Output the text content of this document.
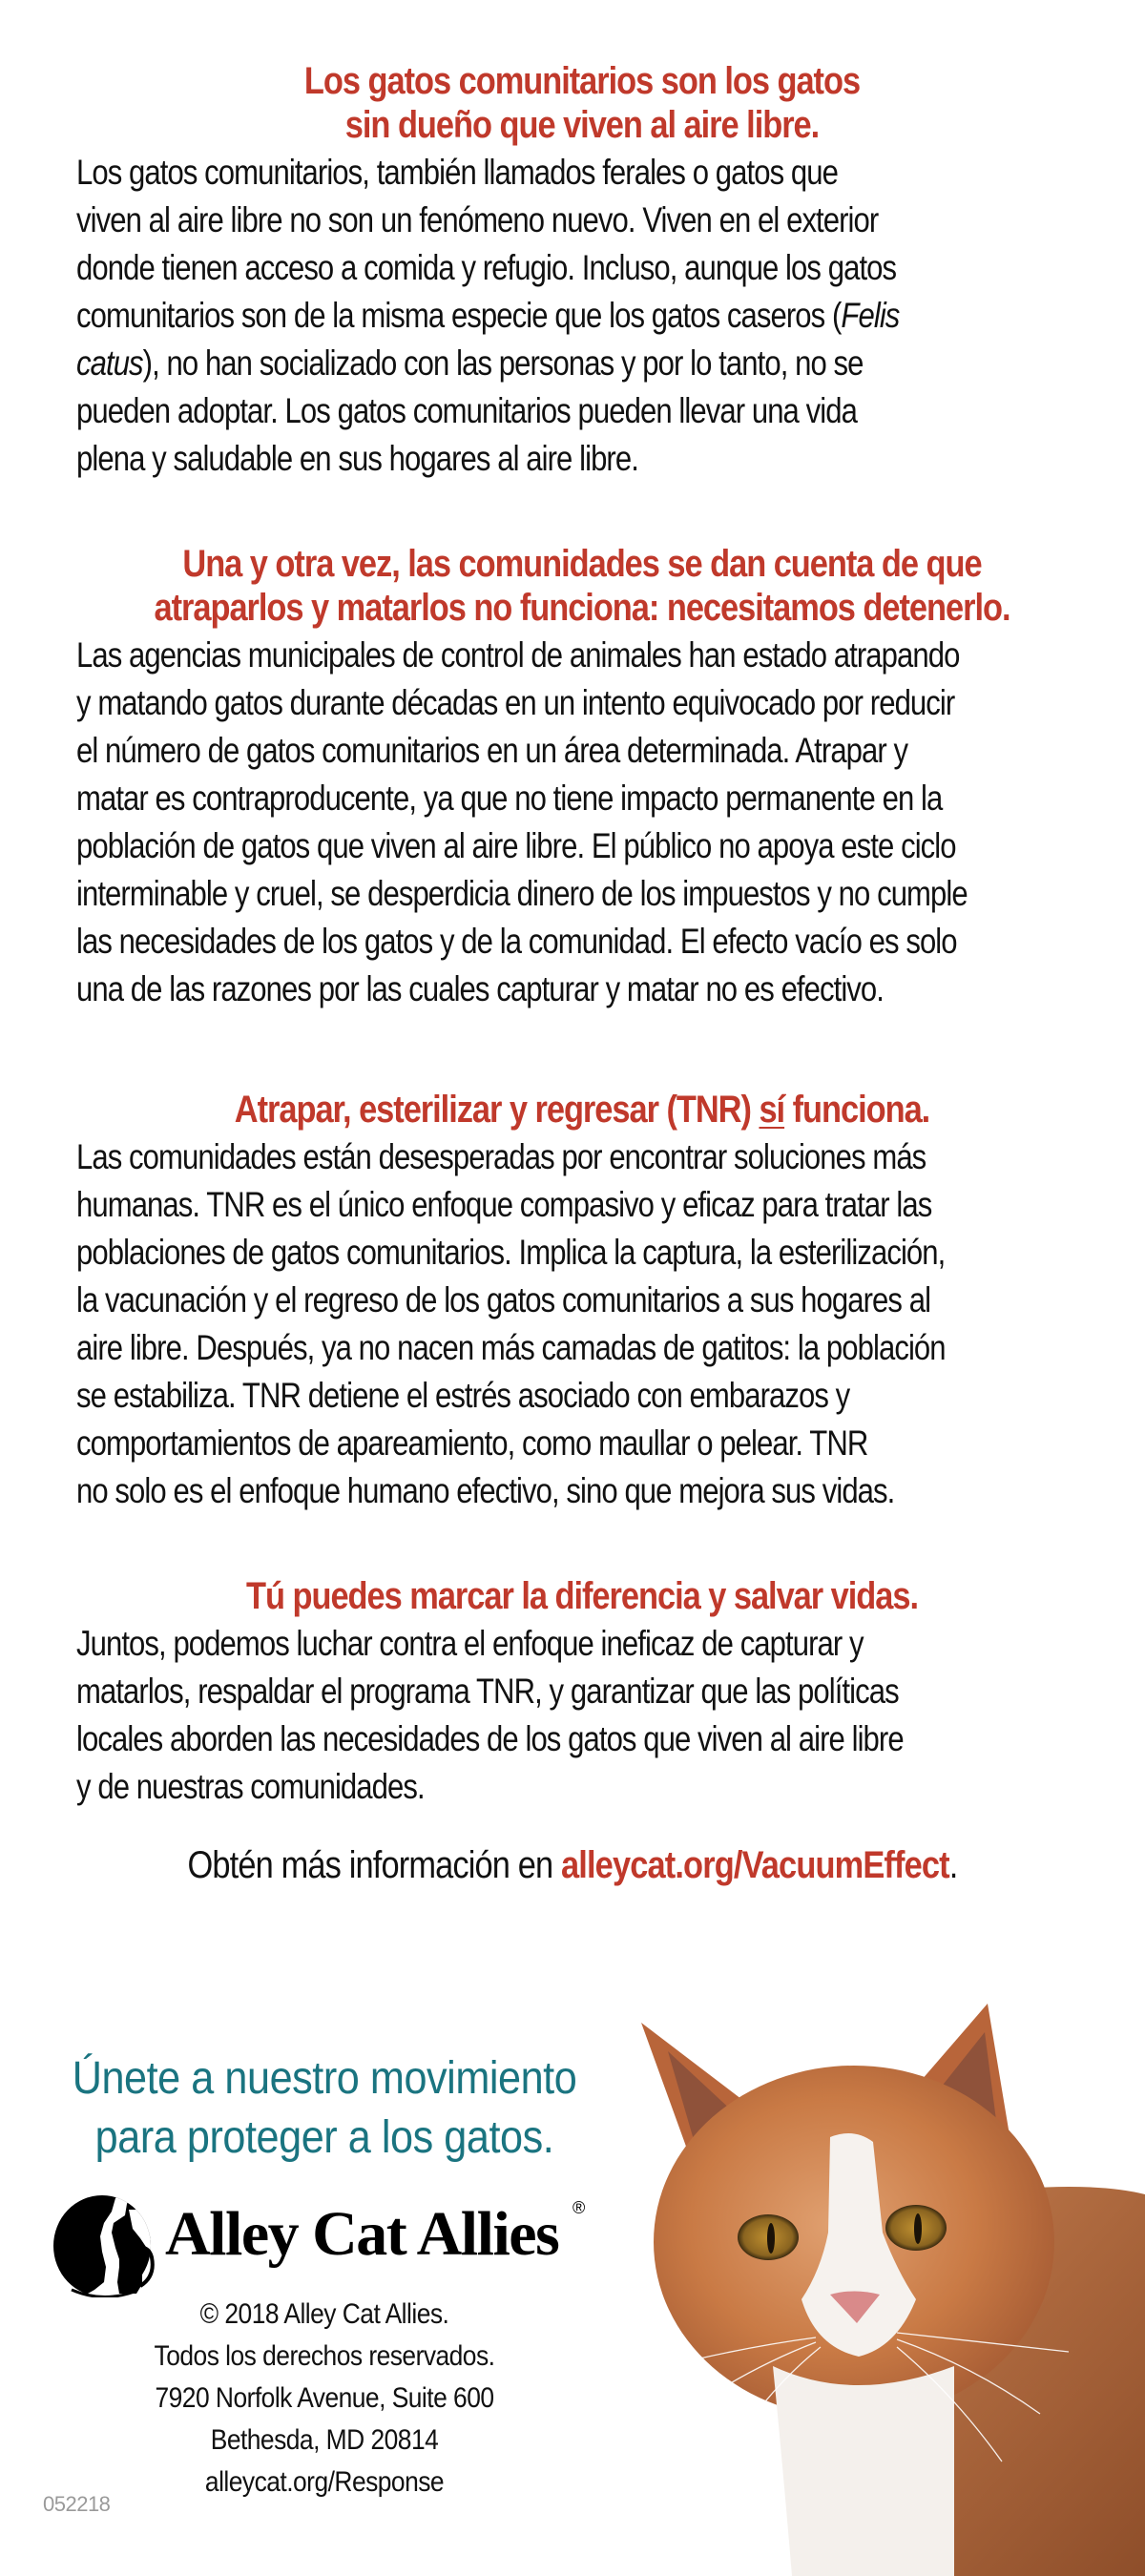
Los gatos comunitarios son los gatos
sin dueño que viven al aire libre.

Los gatos comunitarios, también llamados ferales o gatos que
viven al aire libre no son un fenómeno nuevo. Viven en el exterior
donde tienen acceso a comida y refugio. Incluso, aunque los gatos
comunitarios son de la misma especie que los gatos caseros (Felis
catus), no han socializado con las personas y por lo tanto, no se
pueden adoptar. Los gatos comunitarios pueden llevar una vida
plena y saludable en sus hogares al aire libre.

Una y otra vez, las comunidades se dan cuenta de que
atraparlos y matarlos no funciona: necesitamos detenerlo.

Las agencias municipales de control de animales han estado atrapando
y matando gatos durante décadas en un intento equivocado por reducir
el número de gatos comunitarios en un área determinada. Atrapar y
matar es contraproducente, ya que no tiene impacto permanente en la
población de gatos que viven al aire libre. El público no apoya este ciclo
interminable y cruel, se desperdicia dinero de los impuestos y no cumple
las necesidades de los gatos y de la comunidad. El efecto vacío es solo
una de las razones por las cuales capturar y matar no es efectivo.

Atrapar, esterilizar y regresar (TNR) sí funciona.

Las comunidades están desesperadas por encontrar soluciones más
humanas. TNR es el único enfoque compasivo y eficaz para tratar las
poblaciones de gatos comunitarios. Implica la captura, la esterilización,
la vacunación y el regreso de los gatos comunitarios a sus hogares al
aire libre. Después, ya no nacen más camadas de gatitos: la población
se estabiliza. TNR detiene el estrés asociado con embarazos y
comportamientos de apareamiento, como maullar o pelear. TNR
no solo es el enfoque humano efectivo, sino que mejora sus vidas.

Tú puedes marcar la diferencia y salvar vidas.

Juntos, podemos luchar contra el enfoque ineficaz de capturar y
matarlos, respaldar el programa TNR, y garantizar que las políticas
locales aborden las necesidades de los gatos que viven al aire libre
y de nuestras comunidades.

Obtén más información en alleycat.org/VacuumEffect.
Únete a nuestro movimiento
para proteger a los gatos.
Alley Cat Allies ®
© 2018 Alley Cat Allies.
Todos los derechos reservados.
7920 Norfolk Avenue, Suite 600
Bethesda, MD 20814
alleycat.org/Response
052218
